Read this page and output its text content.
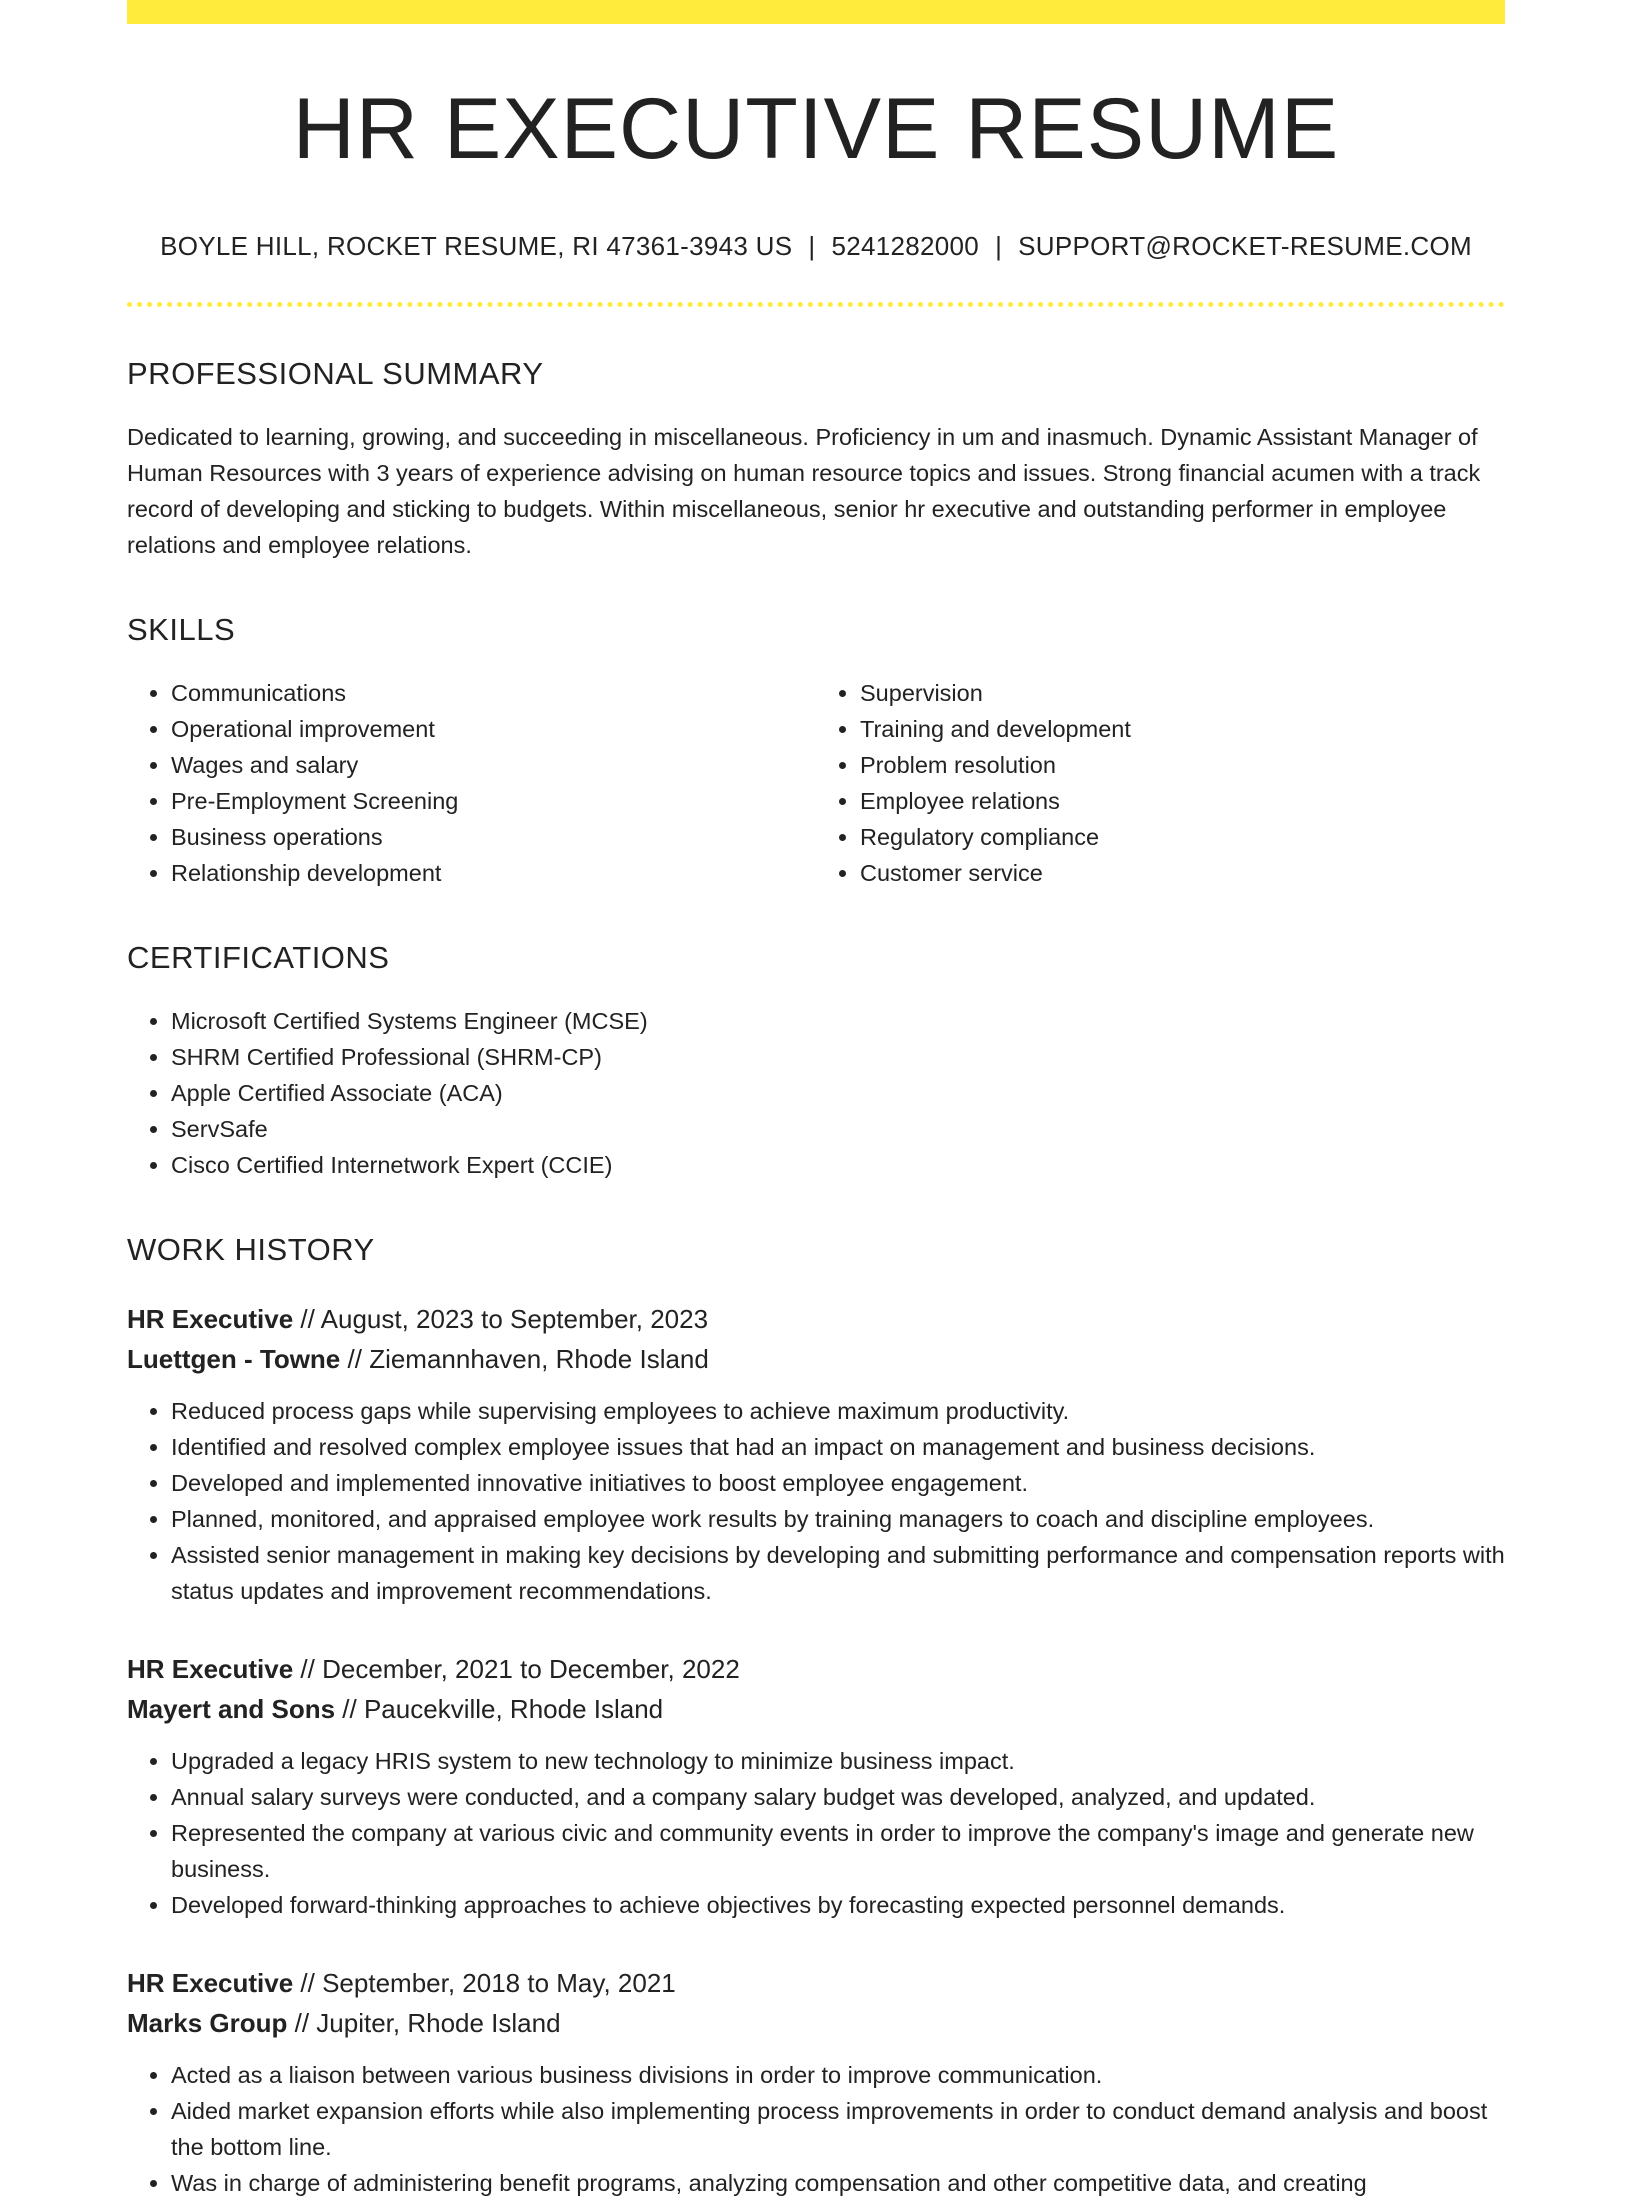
HR EXECUTIVE RESUME
BOYLE HILL, ROCKET RESUME, RI 47361-3943 US | 5241282000 | SUPPORT@ROCKET-RESUME.COM
PROFESSIONAL SUMMARY

Dedicated to learning, growing, and succeeding in miscellaneous. Proficiency in um and inasmuch. Dynamic Assistant Manager of Human Resources with 3 years of experience advising on human resource topics and issues. Strong financial acumen with a track record of developing and sticking to budgets. Within miscellaneous, senior hr executive and outstanding performer in employee relations and employee relations.

SKILLS
• Communications
• Operational improvement
• Wages and salary
• Pre-Employment Screening
• Business operations
• Relationship development
• Supervision
• Training and development
• Problem resolution
• Employee relations
• Regulatory compliance
• Customer service
CERTIFICATIONS
• Microsoft Certified Systems Engineer (MCSE)
• SHRM Certified Professional (SHRM-CP)
• Apple Certified Associate (ACA)
• ServSafe
• Cisco Certified Internetwork Expert (CCIE)
WORK HISTORY
HR Executive // August, 2023 to September, 2023
Luettgen - Towne // Ziemannhaven, Rhode Island
• Reduced process gaps while supervising employees to achieve maximum productivity.
• Identified and resolved complex employee issues that had an impact on management and business decisions.
• Developed and implemented innovative initiatives to boost employee engagement.
• Planned, monitored, and appraised employee work results by training managers to coach and discipline employees.
• Assisted senior management in making key decisions by developing and submitting performance and compensation reports with status updates and improvement recommendations.
HR Executive // December, 2021 to December, 2022
Mayert and Sons // Paucekville, Rhode Island
• Upgraded a legacy HRIS system to new technology to minimize business impact.
• Annual salary surveys were conducted, and a company salary budget was developed, analyzed, and updated.
• Represented the company at various civic and community events in order to improve the company's image and generate new business.
• Developed forward-thinking approaches to achieve objectives by forecasting expected personnel demands.
HR Executive // September, 2018 to May, 2021
Marks Group // Jupiter, Rhode Island
• Acted as a liaison between various business divisions in order to improve communication.
• Aided market expansion efforts while also implementing process improvements in order to conduct demand analysis and boost the bottom line.
• Was in charge of administering benefit programs, analyzing compensation and other competitive data, and creating
